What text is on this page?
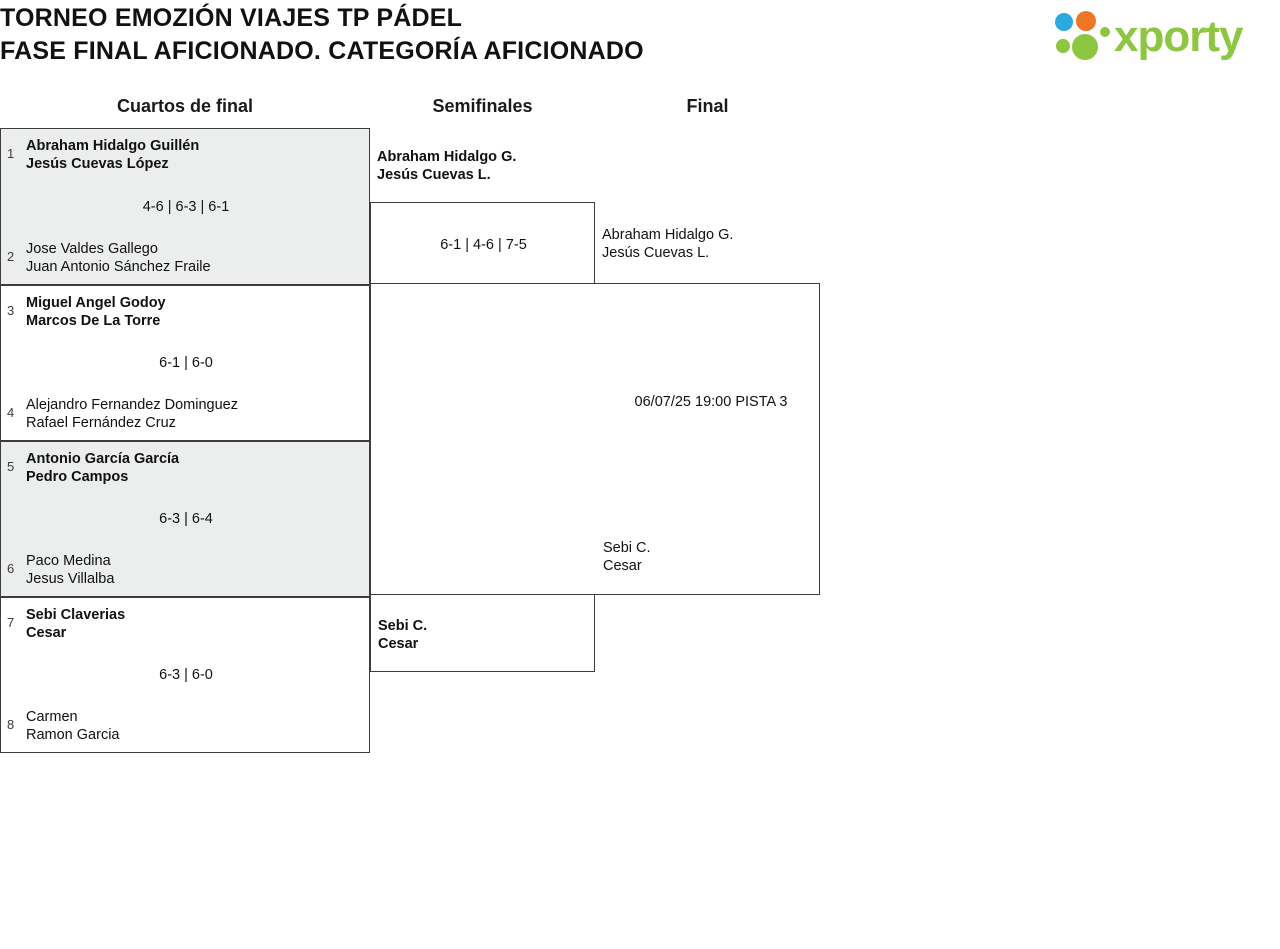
TORNEO EMOZIÓN VIAJES TP PÁDEL
FASE FINAL AFICIONADO. CATEGORÍA AFICIONADO	xporty
Cuartos de final	Semifinales	Final
1 Abraham Hidalgo Guillén
Jesús Cuevas López
4-6 | 6-3 | 6-1
2 Jose Valdes Gallego
Juan Antonio Sánchez Fraile
3 Miguel Angel Godoy
Marcos De La Torre
6-1 | 6-0
4 Alejandro Fernandez Dominguez
Rafael Fernández Cruz
5 Antonio García García
Pedro Campos
6-3 | 6-4
6 Paco Medina
Jesus Villalba
7 Sebi Claverias
Cesar
6-3 | 6-0
8 Carmen
Ramon Garcia
Abraham Hidalgo G.
Jesús Cuevas L.
6-1 | 4-6 | 7-5
Sebi C.
Cesar
Abraham Hidalgo G.
Jesús Cuevas L.
06/07/25 19:00 PISTA 3
Sebi C.
Cesar
